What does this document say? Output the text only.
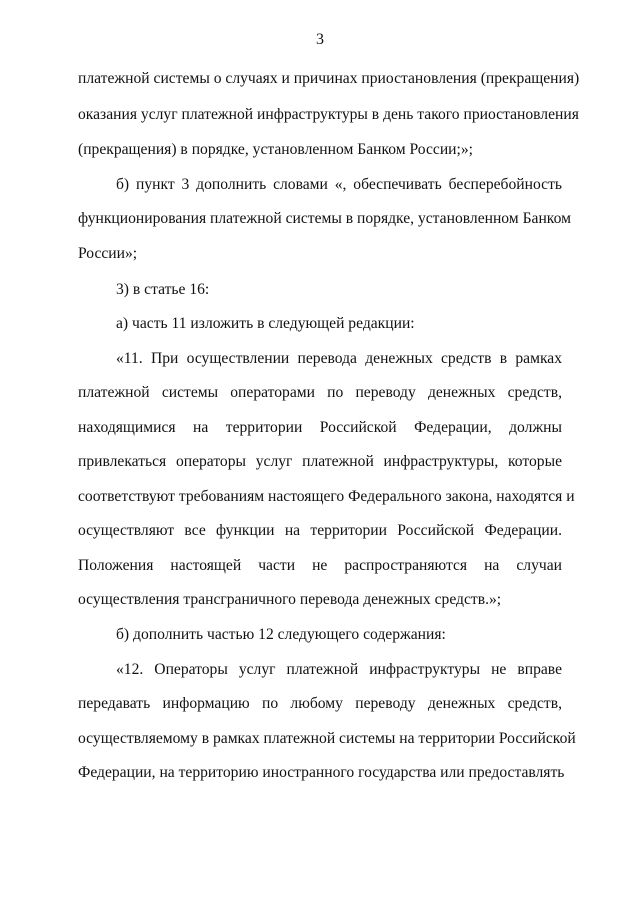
3
платежной системы о случаях и причинах приостановления (прекращения)
оказания услуг платежной инфраструктуры в день такого приостановления
(прекращения) в порядке, установленном Банком России;»;
б) пункт 3 дополнить словами «, обеспечивать бесперебойность
функционирования платежной системы в порядке, установленном Банком
России»;
3) в статье 16:
а) часть 11 изложить в следующей редакции:
«11. При осуществлении перевода денежных средств в рамках
платежной системы операторами по переводу денежных средств,
находящимися на территории Российской Федерации, должны
привлекаться операторы услуг платежной инфраструктуры, которые
соответствуют требованиям настоящего Федерального закона, находятся и
осуществляют все функции на территории Российской Федерации.
Положения настоящей части не распространяются на случаи
осуществления трансграничного перевода денежных средств.»;
б) дополнить частью 12 следующего содержания:
«12. Операторы услуг платежной инфраструктуры не вправе
передавать информацию по любому переводу денежных средств,
осуществляемому в рамках платежной системы на территории Российской
Федерации, на территорию иностранного государства или предоставлять
